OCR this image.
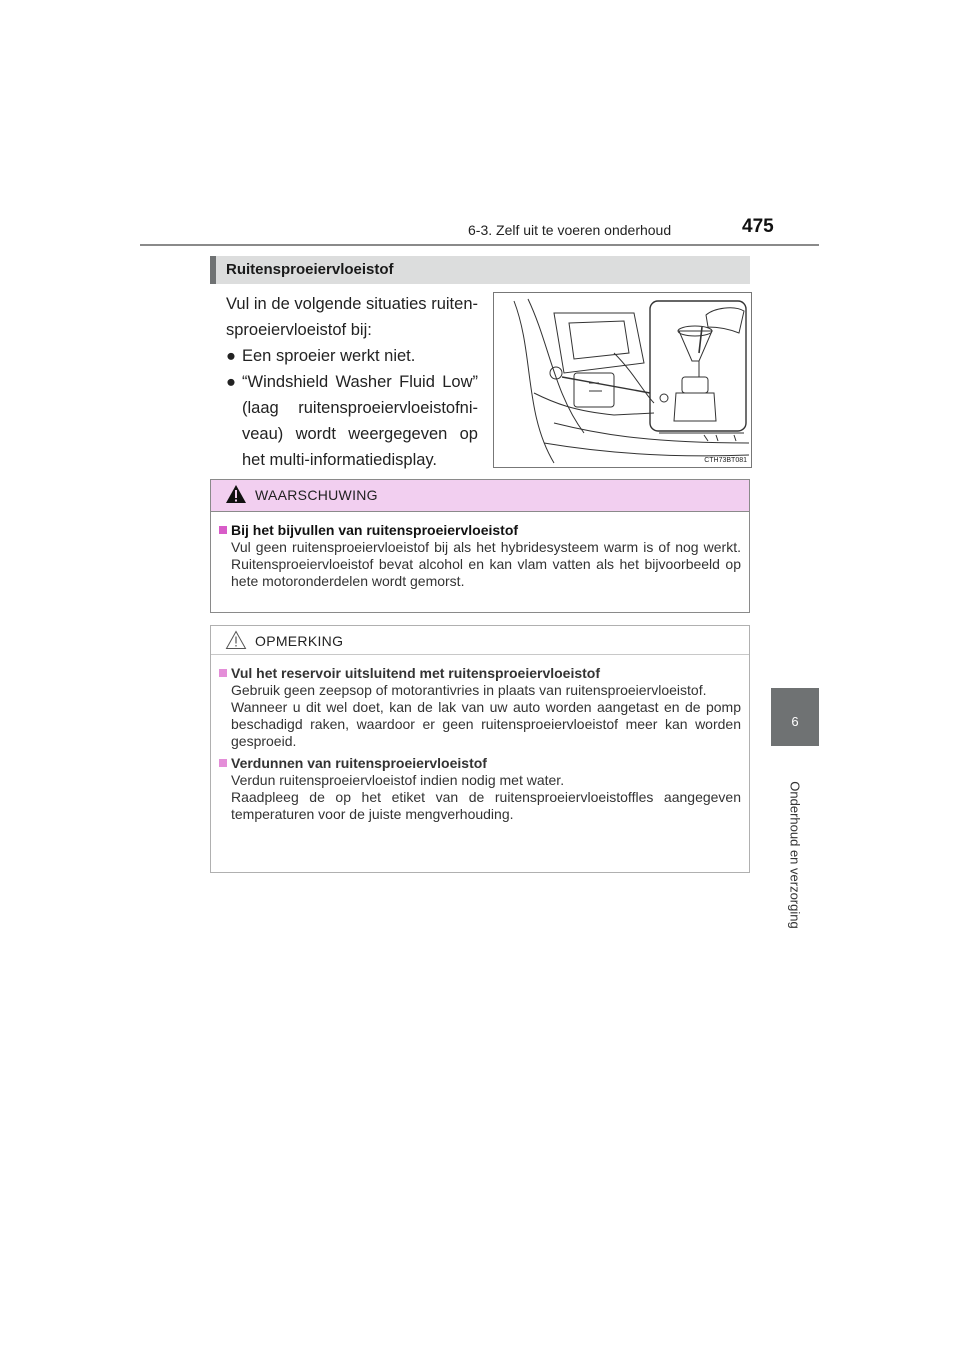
6-3. Zelf uit te voeren onderhoud	475
6
Onderhoud en verzorging
Ruitensproeiervloeistof

Vul in de volgende situaties ruitensproeiervloeistof bij:

● Een sproeier werkt niet.
● “Windshield Washer Fluid Low” (laag ruitensproeiervloeistofniveau) wordt weergegeven op het multi-informatiedisplay.	CTH73BT081
WAARSCHUWING
Bij het bijvullen van ruitensproeiervloeistof

Vul geen ruitensproeiervloeistof bij als het hybridesysteem warm is of nog werkt. Ruitensproeiervloeistof bevat alcohol en kan vlam vatten als het bijvoorbeeld op hete motoronderdelen wordt gemorst.

OPMERKING
Vul het reservoir uitsluitend met ruitensproeiervloeistof

Gebruik geen zeepsop of motorantivries in plaats van ruitensproeiervloeistof.

Wanneer u dit wel doet, kan de lak van uw auto worden aangetast en de pomp beschadigd raken, waardoor er geen ruitensproeiervloeistof meer kan worden gesproeid.

Verdunnen van ruitensproeiervloeistof

Verdun ruitensproeiervloeistof indien nodig met water.

Raadpleeg de op het etiket van de ruitensproeiervloeistoffles aangegeven temperaturen voor de juiste mengverhouding.
